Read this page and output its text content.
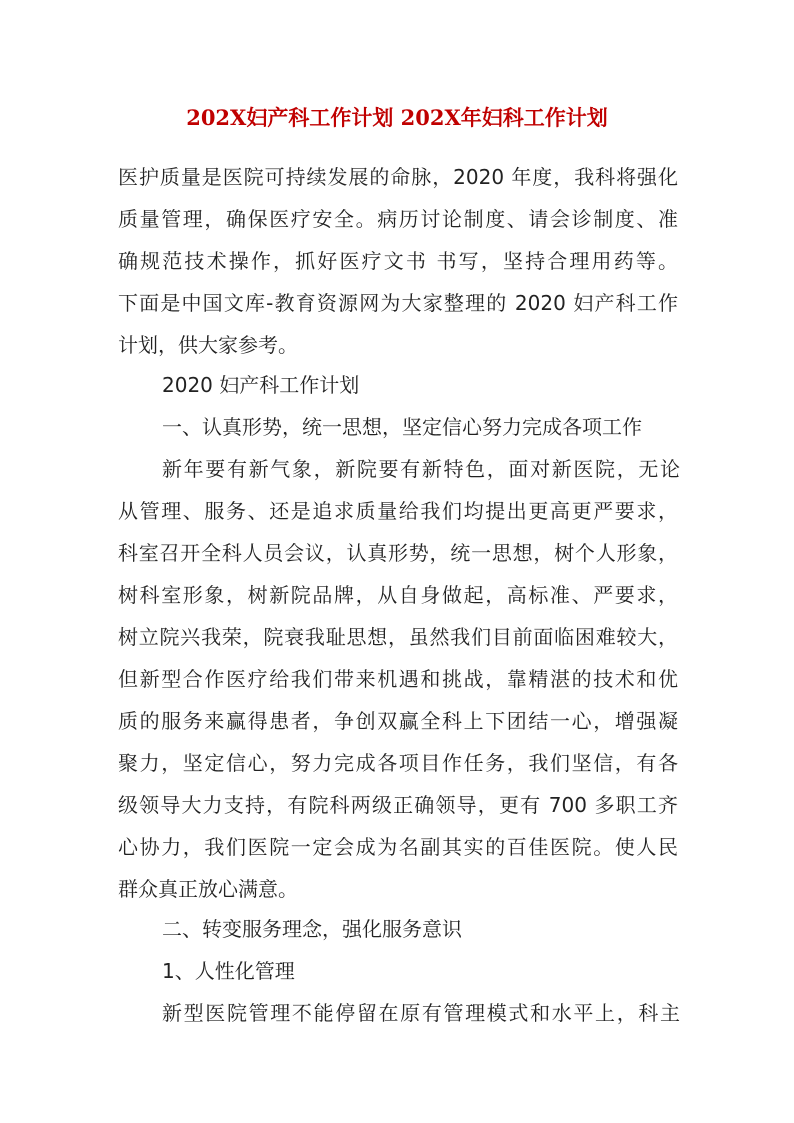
202X妇产科工作计划 202X年妇科工作计划

医护质量是医院可持续发展的命脉，2020 年度，我科将强化

质量管理，确保医疗安全。病历讨论制度、请会诊制度、准

确规范技术操作，抓好医疗文书 书写，坚持合理用药等。

下面是中国文库-教育资源网为大家整理的 2020 妇产科工作

计划，供大家参考。

2020 妇产科工作计划

一、认真形势，统一思想，坚定信心努力完成各项工作

新年要有新气象，新院要有新特色，面对新医院，无论

从管理、服务、还是追求质量给我们均提出更高更严要求，

科室召开全科人员会议，认真形势，统一思想，树个人形象，

树科室形象，树新院品牌，从自身做起，高标准、严要求，

树立院兴我荣，院衰我耻思想，虽然我们目前面临困难较大，

但新型合作医疗给我们带来机遇和挑战，靠精湛的技术和优

质的服务来赢得患者，争创双赢全科上下团结一心，增强凝

聚力，坚定信心，努力完成各项目作任务，我们坚信，有各

级领导大力支持，有院科两级正确领导，更有 700 多职工齐

心协力，我们医院一定会成为名副其实的百佳医院。使人民

群众真正放心满意。

二、转变服务理念，强化服务意识

1、人性化管理

新型医院管理不能停留在原有管理模式和水平上，科主
